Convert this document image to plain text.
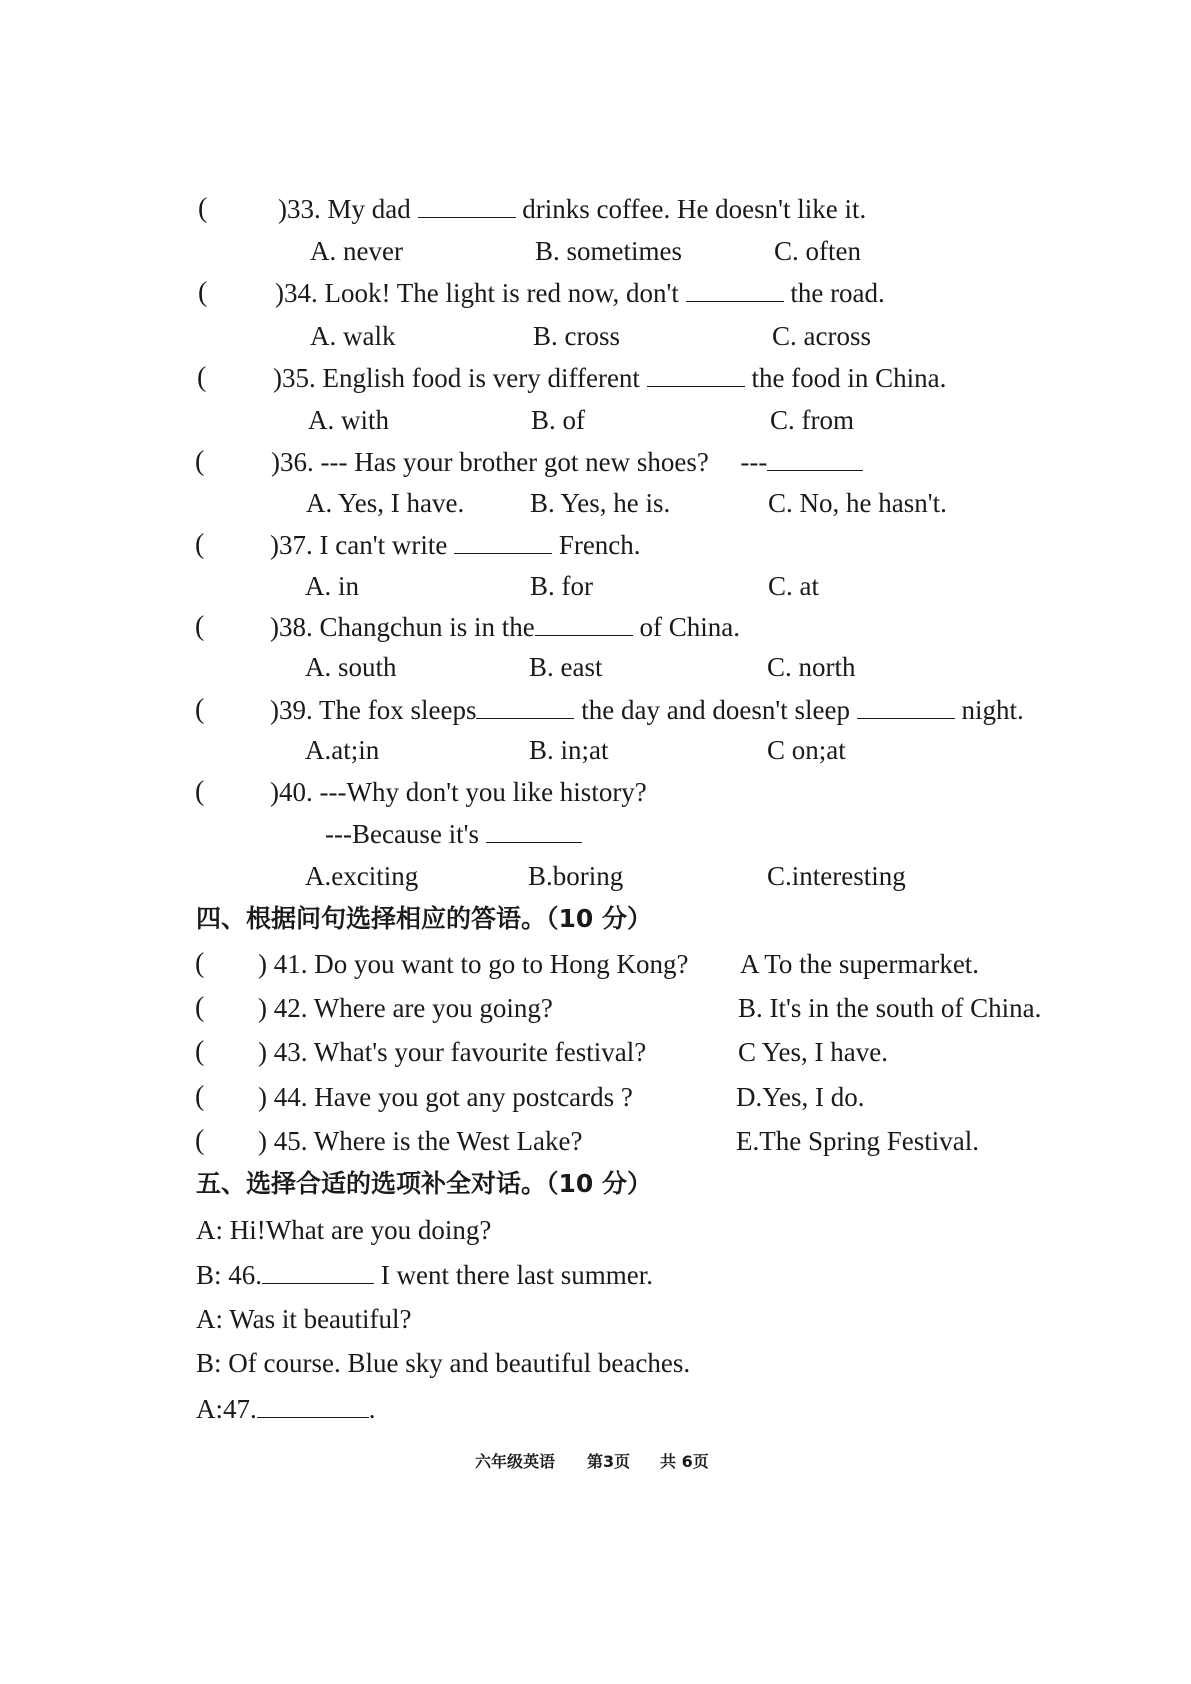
(	)33. My dad	drinks coffee. He doesn't like it.
A. never	B. sometimes	C. often
(	)34. Look! The light is red now, don't	the road.
A. walk	B. cross	C. across
( )35. English food is very different	the food in China.
A. with	B. of	C. from
( )36. --- Has your brother got new shoes? ---
A. Yes, I have. B. Yes, he is.	C. No, he hasn't.
( )37. I can't write	French.
A. in	B. for	C. at
( )38. Changchun is in the	of China.
A. south	B. east	C. north
( )39. The fox sleeps	the day and doesn't sleep	night.
A.at;in	B. in;at	C on;at
( )40. ---Why don't you like history?
---Because it's
A.exciting	B.boring	C.interesting
四、根据问句选择相应的答语。（10 分）
( ) 41. Do you want to go to Hong Kong? A To the supermarket.
( ) 42. Where are you going?	B. It's in the south of China.
( ) 43. What's your favourite festival?	C Yes, I have.
( ) 44. Have you got any postcards ?	D.Yes, I do.
( ) 45. Where is the West Lake?	E.The Spring Festival.
五、选择合适的选项补全对话。（10 分）
A: Hi!What are you doing?
B: 46.	I went there last summer.
A: Was it beautiful?
B: Of course. Blue sky and beautiful beaches.
A:47.	.
六年级英语 第3页 共 6页
